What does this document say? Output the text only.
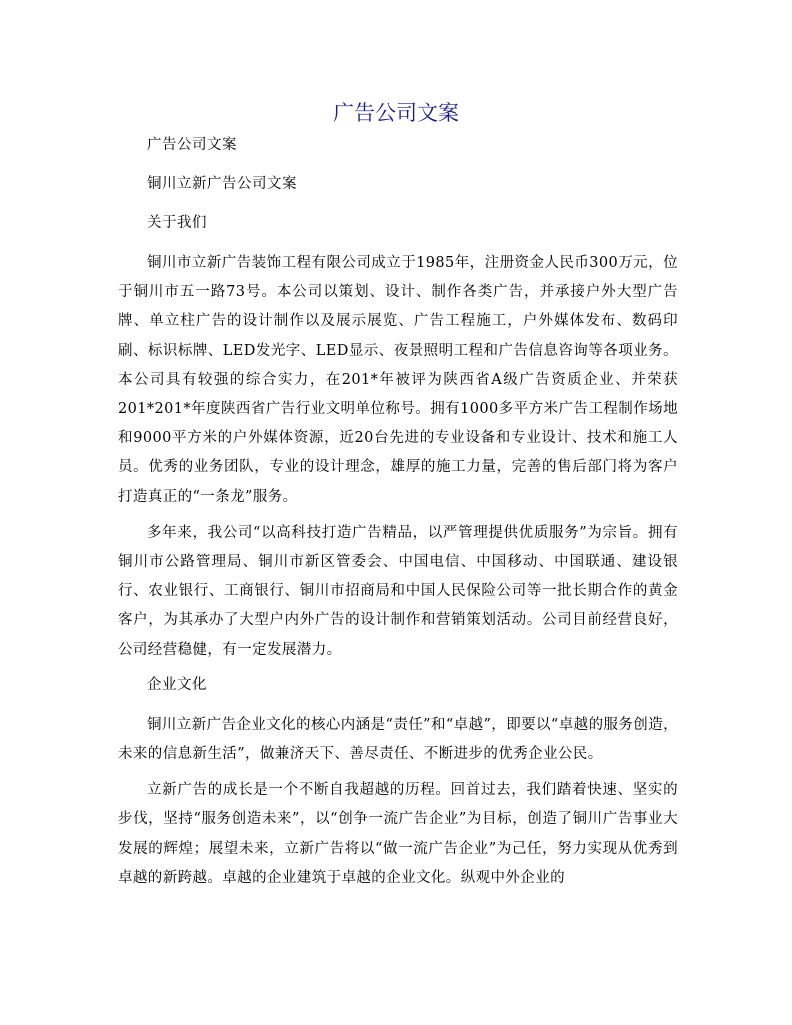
广告公司文案

广告公司文案

铜川立新广告公司文案

关于我们

铜川市立新广告装饰工程有限公司成立于1985年，注册资金人民币300万元，位于铜川市五一路73号。本公司以策划、设计、制作各类广告，并承接户外大型广告牌、单立柱广告的设计制作以及展示展览、广告工程施工，户外媒体发布、数码印刷、标识标牌、LED发光字、LED显示、夜景照明工程和广告信息咨询等各项业务。本公司具有较强的综合实力，在201*年被评为陕西省A级广告资质企业、并荣获201*201*年度陕西省广告行业文明单位称号。拥有1000多平方米广告工程制作场地和9000平方米的户外媒体资源，近20台先进的专业设备和专业设计、技术和施工人员。优秀的业务团队，专业的设计理念，雄厚的施工力量，完善的售后部门将为客户打造真正的“一条龙”服务。

多年来，我公司“以高科技打造广告精品，以严管理提供优质服务”为宗旨。拥有铜川市公路管理局、铜川市新区管委会、中国电信、中国移动、中国联通、建设银行、农业银行、工商银行、铜川市招商局和中国人民保险公司等一批长期合作的黄金客户，为其承办了大型户内外广告的设计制作和营销策划活动。公司目前经营良好，公司经营稳健，有一定发展潜力。

企业文化

铜川立新广告企业文化的核心内涵是“责任”和“卓越”，即要以“卓越的服务创造，未来的信息新生活”，做兼济天下、善尽责任、不断进步的优秀企业公民。

立新广告的成长是一个不断自我超越的历程。回首过去，我们踏着快速、坚实的步伐，坚持“服务创造未来”，以“创争一流广告企业”为目标，创造了铜川广告事业大发展的辉煌；展望未来，立新广告将以“做一流广告企业”为己任，努力实现从优秀到卓越的新跨越。卓越的企业建筑于卓越的企业文化。纵观中外企业的
